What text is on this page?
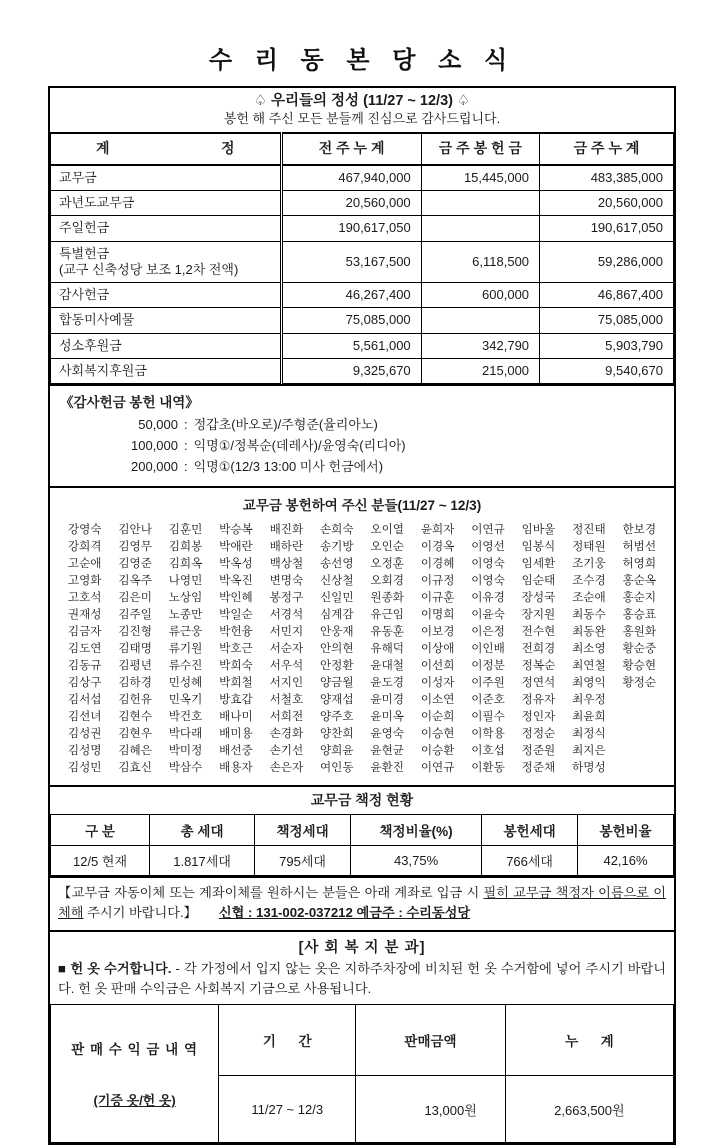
수 리 동 본 당 소 식
♤ 우리들의 정성 (11/27 ~ 12/3) ♤
봉헌 해 주신 모든 분들께 진심으로 감사드립니다.			

계 정	전 주 누 계	금 주 봉 헌 금	금 주 누 계

교무금	467,940,000	15,445,000	483,385,000

과년도교무금	20,560,000		20,560,000

주일헌금	190,617,050		190,617,050

특별헌금
(교구 신축성당 보조 1,2차 전액)	53,167,500	6,118,500	59,286,000

감사헌금	46,267,400	600,000	46,867,400

합동미사예물	75,085,000		75,085,000

성소후원금	5,561,000	342,790	5,903,790

사회복지후원금	9,325,670	215,000	9,540,670
《감사헌금 봉헌 내역》
50,000 : 정갑초(바오로)/주형준(율리아노)
100,000 : 익명①/정복순(데레사)/윤영숙(리디아)
200,000 : 익명①(12/3 13:00 미사 헌금에서)
교무금 봉헌하여 주신 분들(11/27 ~ 12/3)
강영숙	김안나	김훈민	박승복	배진화	손희숙	오이열	윤희자	이연규	임바울	정진태	한보경
강희격	김영무	김희봉	박애란	배하란	송기방	오인순	이경옥	이영선	임봉식	정태원	허범선
고순애	김영준	김희옥	박옥성	백상철	송선영	오정훈	이경혜	이영숙	임세환	조기웅	허영희
고영화	김옥주	나영민	박옥진	변명숙	신상철	오회경	이규정	이영숙	임순태	조수경	홍순옥
고호석	김은미	노상임	박인혜	봉정구	신일민	원종화	이규훈	이유경	장성국	조순애	홍순지
권재성	김주일	노종만	박일순	서경석	심계감	유근임	이명희	이윤숙	장지원	최동수	홍승표
김금자	김진형	류근웅	박헌융	서민지	안웅재	유동훈	이보경	이은정	전수현	최동완	홍원화
김도연	김태명	류기원	박호근	서순자	안의현	유해덕	이상애	이인배	전희경	최소영	황순중
김동규	김평년	류수진	박희숙	서우석	안정환	윤대철	이선희	이정분	정복순	최연철	황승현
김상구	김하경	민성혜	박희철	서지인	양금월	윤도경	이성자	이주원	정연석	최영익	황정순
김서섭	김헌유	민옥기	방효갑	서철호	양재섭	윤미경	이소연	이준호	정유자	최우정
김선녀	김현수	박건호	배나미	서희전	양주호	윤미옥	이순희	이필수	정인자	최윤희
김성권	김현우	박다래	배미용	손경화	양찬희	윤영숙	이승현	이학용	정정순	최정식
김성명	김혜은	박미정	배선중	손기선	양희윤	윤현균	이승환	이호섭	정준원	최지은
김성민	김효신	박삼수	배용자	손은자	여인동	윤환진	이연규	이환동	정준채	하명성
교무금 책정 현황					
구 분	총 세대	책정세대	책정비율(%)	봉헌세대	봉헌비율
12/5 현재	1.817세대	795세대	43,75%	766세대	42,16%
【교무금 자동이체 또는 계좌이체를 원하시는 분들은 아래 계좌로 입금 시 필히 교무금 책정자 이름으로 이체해 주시기 바랍니다.】      신협 : 131-002-037212 예금주 : 수리동성당
[사 회 복 지 분 과]
■ 헌 옷 수거합니다. - 각 가정에서 입지 않는 옷은 지하주차장에 비치된 헌 옷 수거함에 넣어 주시기 바랍니다. 헌 옷 판매 수익금은 사회복지 기금으로 사용됩니다.

판 매 수 익 금 내 역

(기증 옷/헌 옷)	기      간	판매금액	누      계
	11/27 ~ 12/3	13,000원	2,663,500원
